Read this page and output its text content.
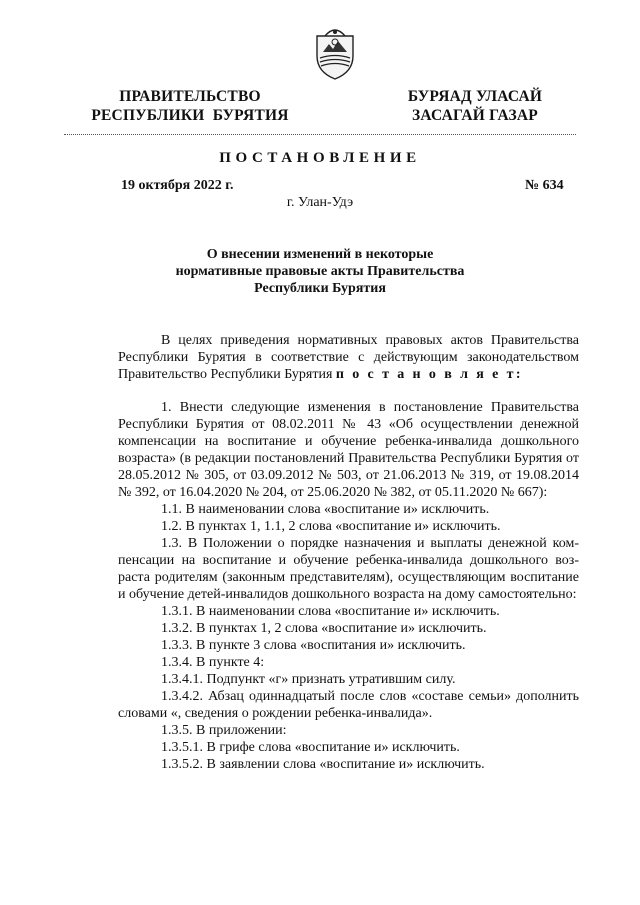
ПРАВИТЕЛЬСТВО
РЕСПУБЛИКИ  БУРЯТИЯ
БУРЯАД УЛАСАЙ
ЗАСАГАЙ ГАЗАР
ПОСТАНОВЛЕНИЕ
19 октября 2022 г.	№ 634
г. Улан-Удэ
О внесении изменений в некоторые
нормативные правовые акты Правительства
Республики Бурятия

В целях приведения нормативных правовых актов Правительства Республики Бурятия в соответствие с действующим законодательством Правительство Республики Бурятия п о с т а н о в л я е т:

1. Внести следующие изменения в постановление Правительства Республики Бурятия от 08.02.2011 № 43 «Об осуществлении денежной компенсации на воспитание и обучение ребенка-инвалида дошкольного возраста» (в редакции постановлений Правительства Республики Бурятия от 28.05.2012 № 305, от 03.09.2012 № 503, от 21.06.2013 № 319, от 19.08.2014 № 392, от 16.04.2020 № 204, от 25.06.2020 № 382, от 05.11.2020 № 667):

1.1. В наименовании слова «воспитание и» исключить.

1.2. В пунктах 1, 1.1, 2 слова «воспитание и» исключить.

1.3. В Положении о порядке назначения и выплаты денежной компенсации на воспитание и обучение ребенка-инвалида дошкольного возраста родителям (законным представителям), осуществляющим воспитание и обучение детей-инвалидов дошкольного возраста на дому самостоятельно:

1.3.1. В наименовании слова «воспитание и» исключить.

1.3.2. В пунктах 1, 2 слова «воспитание и» исключить.

1.3.3. В пункте 3 слова «воспитания и» исключить.

1.3.4. В пункте 4:

1.3.4.1. Подпункт «г» признать утратившим силу.

1.3.4.2. Абзац одиннадцатый после слов «составе семьи» дополнить словами «, сведения о рождении ребенка-инвалида».

1.3.5. В приложении:

1.3.5.1. В грифе слова «воспитание и» исключить.

1.3.5.2. В заявлении слова «воспитание и» исключить.
